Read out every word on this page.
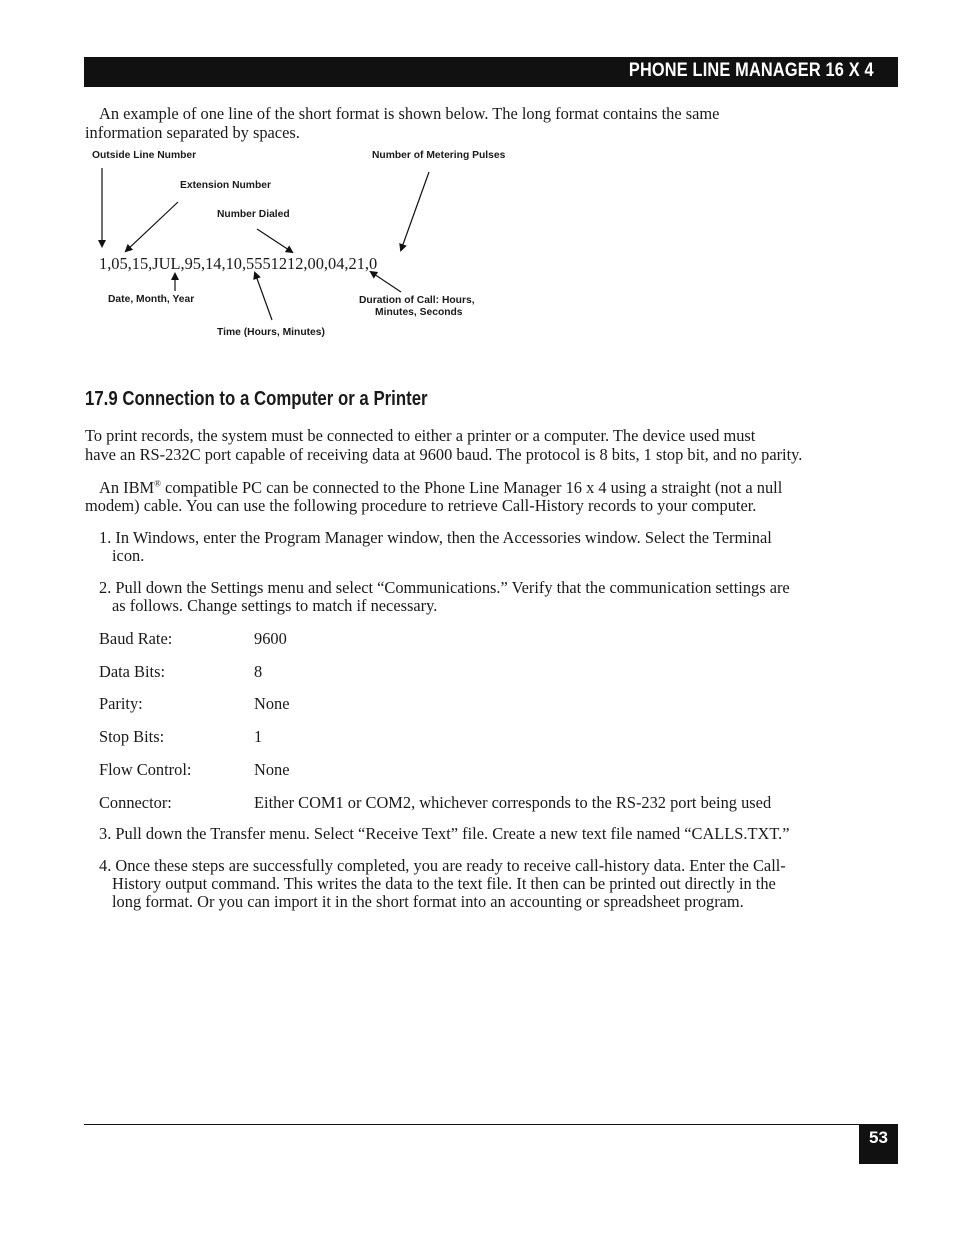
PHONE LINE MANAGER 16 X 4

An example of one line of the short format is shown below. The long format contains the same

information separated by spaces.

Outside Line Number	Number of Metering Pulses
Extension Number
Number Dialed
1,05,15,JUL,95,14,10,5551212,00,04,21,0
Date, Month, Year	Duration of Call: Hours,
Minutes, Seconds
Time (Hours, Minutes)
17.9 Connection to a Computer or a Printer

To print records, the system must be connected to either a printer or a computer. The device used must

have an RS-232C port capable of receiving data at 9600 baud. The protocol is 8 bits, 1 stop bit, and no parity.

An IBM® compatible PC can be connected to the Phone Line Manager 16 x 4 using a straight (not a null

modem) cable. You can use the following procedure to retrieve Call-History records to your computer.

1. In Windows, enter the Program Manager window, then the Accessories window. Select the Terminal

icon.

2. Pull down the Settings menu and select “Communications.” Verify that the communication settings are

as follows. Change settings to match if necessary.

Baud Rate:	9600
Data Bits:	8
Parity:	None
Stop Bits:	1
Flow Control:	None
Connector:	Either COM1 or COM2, whichever corresponds to the RS-232 port being used

3. Pull down the Transfer menu. Select “Receive Text” file. Create a new text file named “CALLS.TXT.”

4. Once these steps are successfully completed, you are ready to receive call-history data. Enter the Call-

History output command. This writes the data to the text file. It then can be printed out directly in the

long format. Or you can import it in the short format into an accounting or spreadsheet program.

53
